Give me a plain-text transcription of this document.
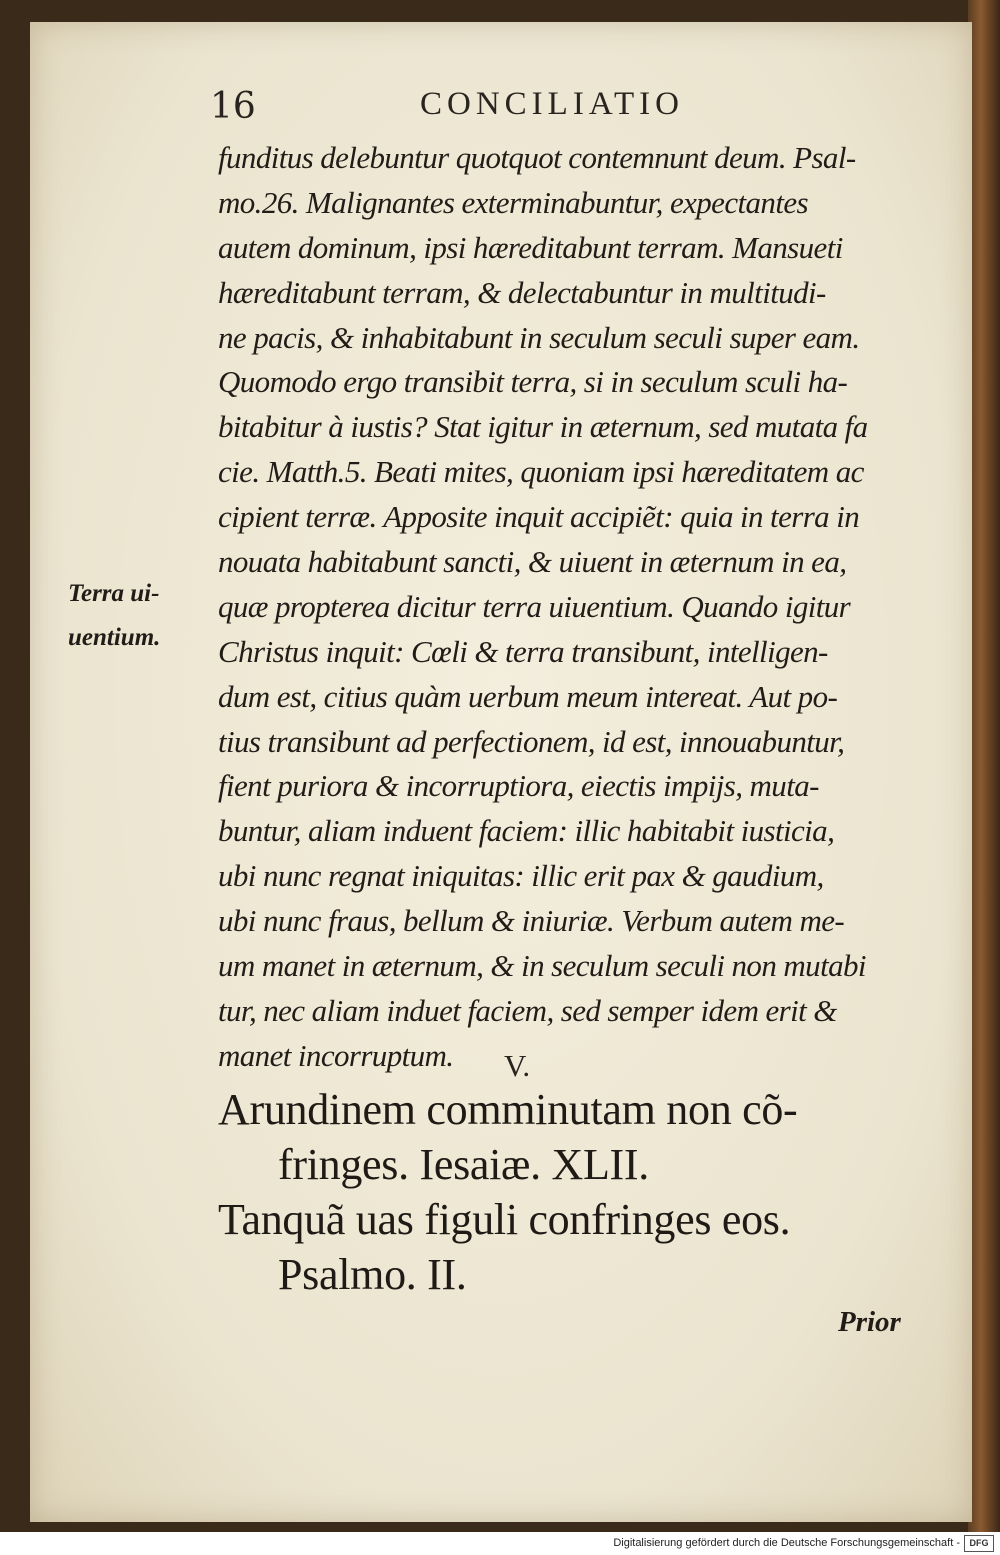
16	CONCILIATIO
funditus delebuntur quotquot contemnunt deum. Psal-
mo.26. Malignantes exterminabuntur, expectantes
autem dominum, ipsi hæreditabunt terram. Mansueti
hæreditabunt terram, & delectabuntur in multitudi-
ne pacis, & inhabitabunt in seculum seculi super eam.
Quomodo ergo transibit terra, si in seculum sculi ha-
bitabitur à iustis? Stat igitur in æternum, sed mutata fa
cie. Matth.5. Beati mites, quoniam ipsi hæreditatem ac
cipient terræ. Apposite inquit accipiẽt: quia in terra in
nouata habitabunt sancti, & uiuent in æternum in ea,
quæ propterea dicitur terra uiuentium. Quando igitur
Christus inquit: Cœli & terra transibunt, intelligen-
dum est, citius quàm uerbum meum intereat. Aut po-
tius transibunt ad perfectionem, id est, innouabuntur,
fient puriora & incorruptiora, eiectis impijs, muta-
buntur, aliam induent faciem: illic habitabit iusticia,
ubi nunc regnat iniquitas: illic erit pax & gaudium,
ubi nunc fraus, bellum & iniuriæ. Verbum autem me-
um manet in æternum, & in seculum seculi non mutabi
tur, nec aliam induet faciem, sed semper idem erit &
manet incorruptum.
Terra ui-
uentium.
V.
Arundinem comminutam non cõ-
fringes. Iesaiæ. XLII.
Tanquã uas figuli confringes eos.
Psalmo. II.
Prior
Digitalisierung gefördert durch die Deutsche Forschungsgemeinschaft -	DFG
